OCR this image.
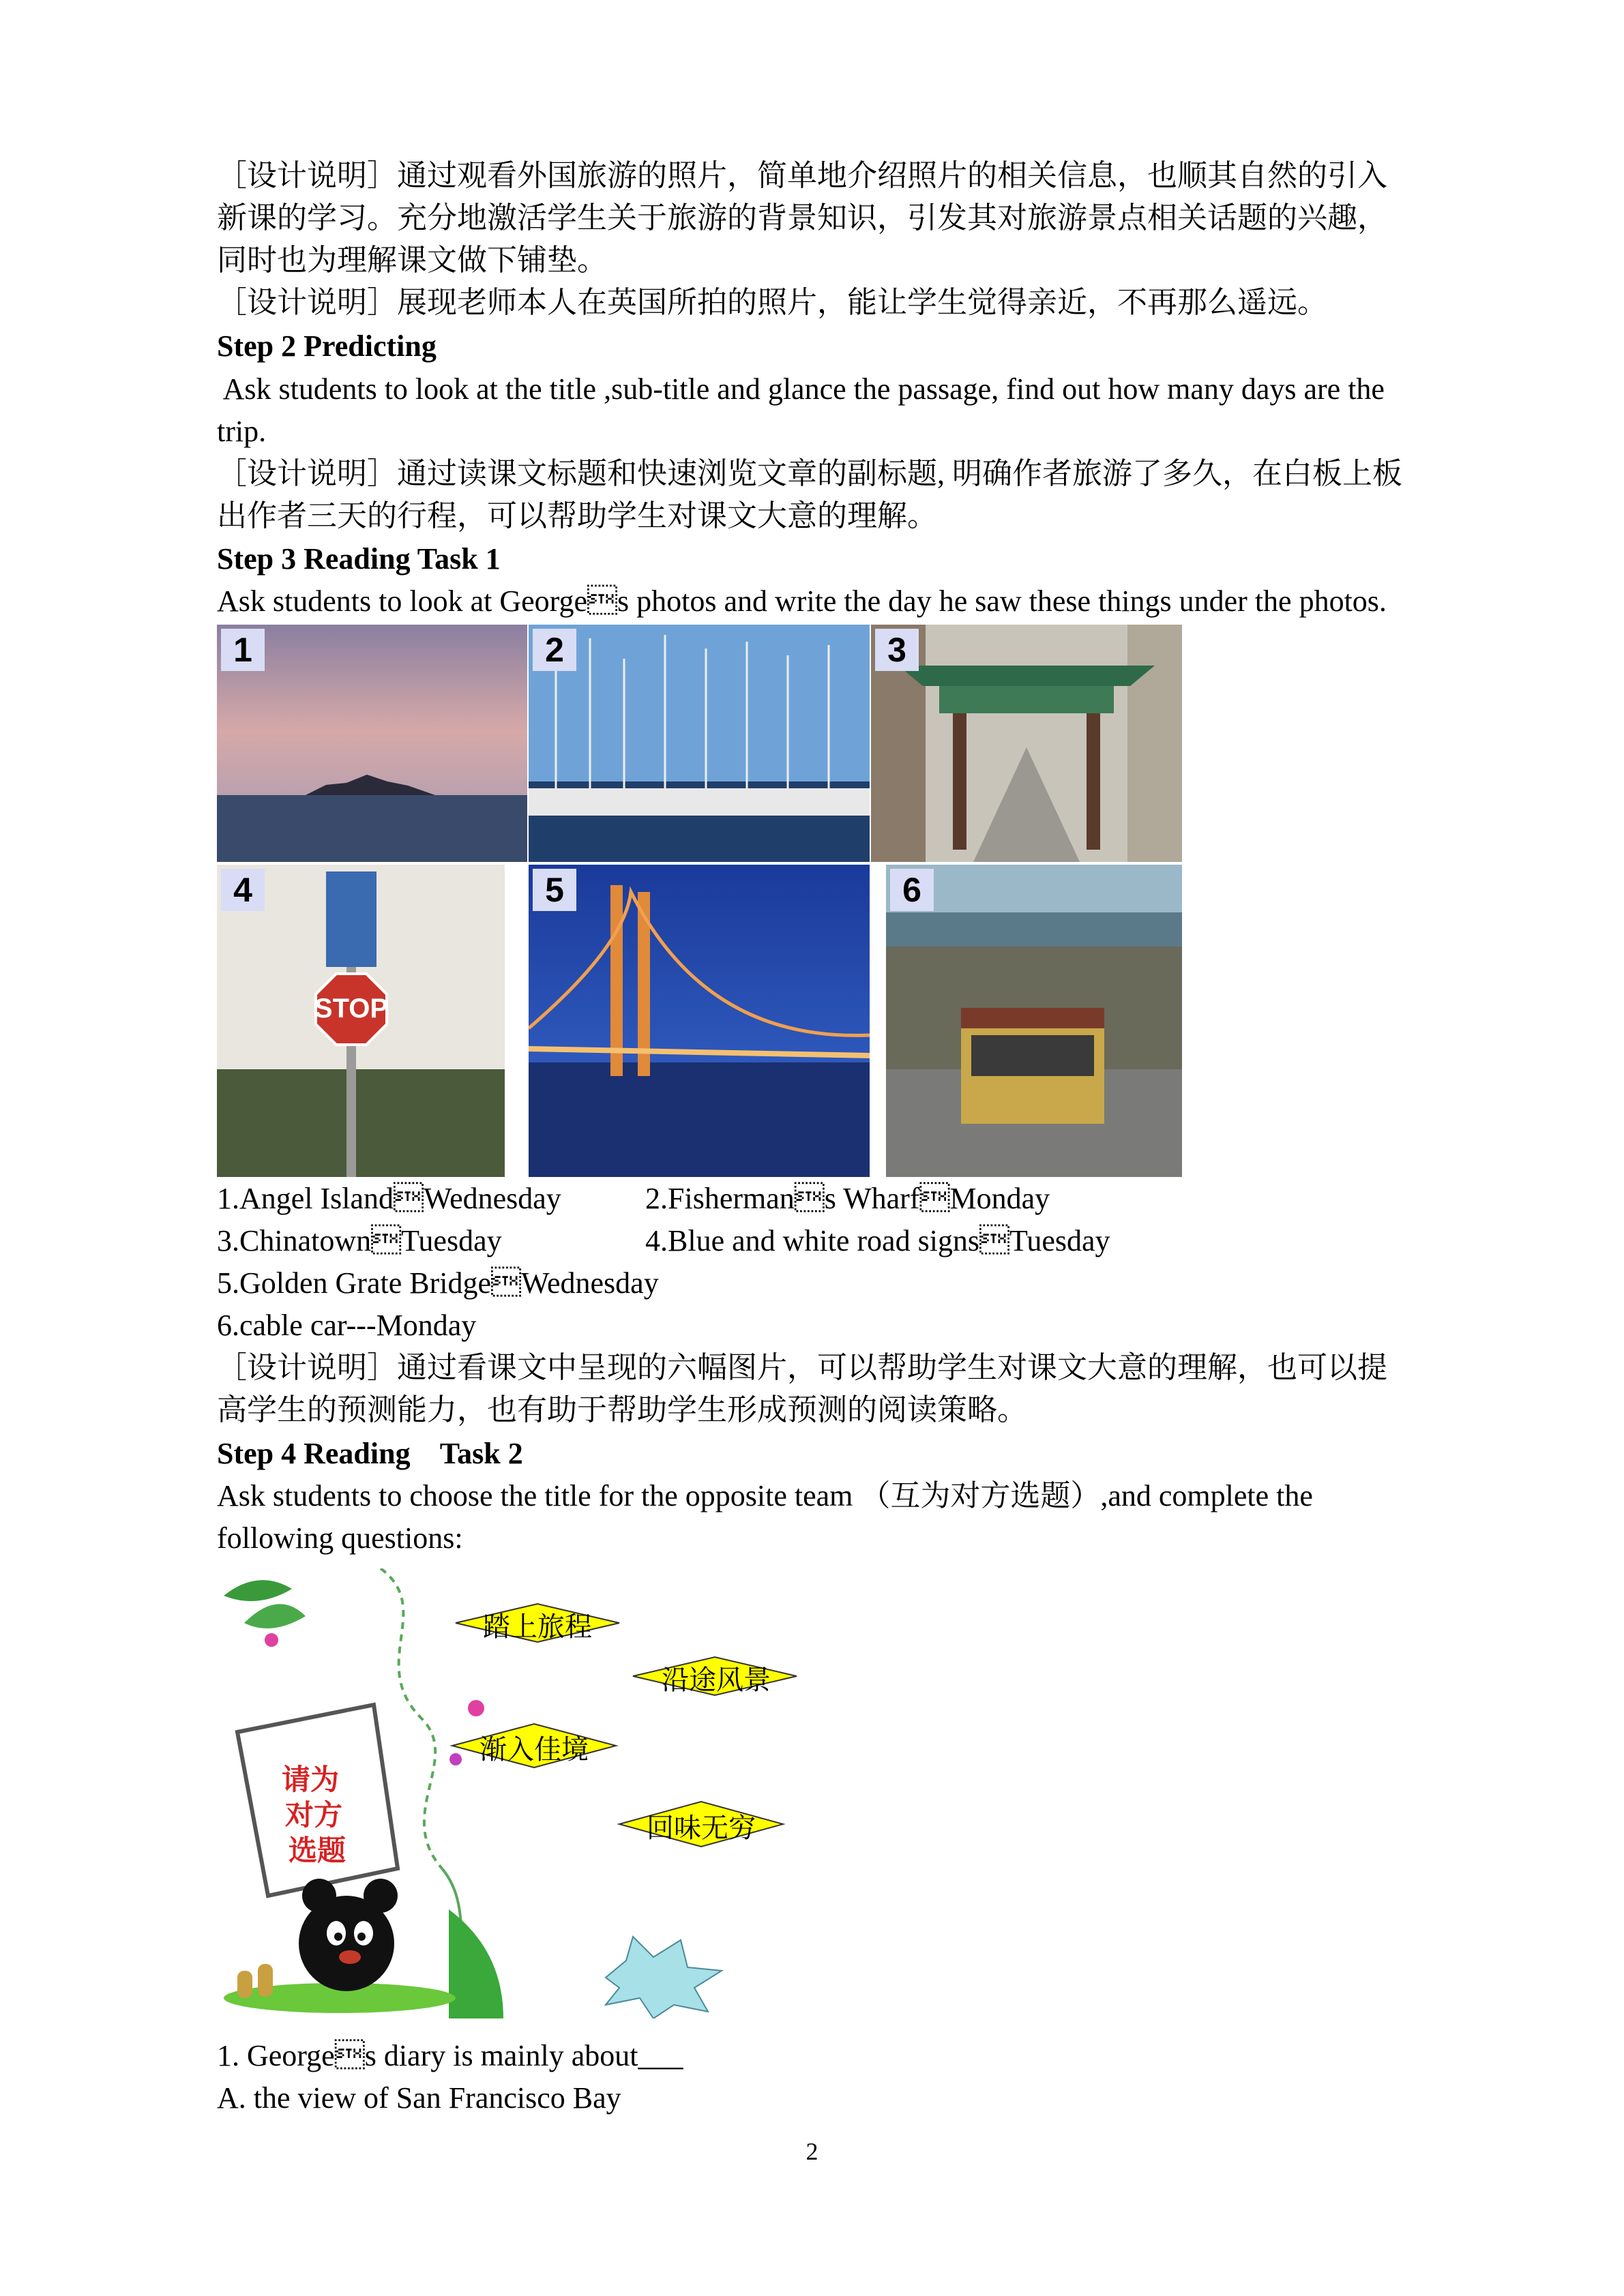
［设计说明］通过观看外国旅游的照片，简单地介绍照片的相关信息，也顺其自然的引入
新课的学习。充分地激活学生关于旅游的背景知识，引发其对旅游景点相关话题的兴趣，
同时也为理解课文做下铺垫。
［设计说明］展现老师本人在英国所拍的照片，能让学生觉得亲近，不再那么遥远。
Step 2 Predicting
Ask students to look at the title ,sub-title and glance the passage, find out how many days are the
trip.
［设计说明］通过读课文标题和快速浏览文章的副标题, 明确作者旅游了多久，在白板上板
出作者三天的行程，可以帮助学生对课文大意的理解。
Step 3 Reading Task 1
Ask students to look at Georges photos and write the day he saw these things under the photos.
1	2	3
STOP
4	5	6
1.Angel IslandWednesday	2.Fishermans WharfMonday
3.ChinatownTuesday	4.Blue and white road signsTuesday
5.Golden Grate BridgeWednesday
6.cable car---Monday
［设计说明］通过看课文中呈现的六幅图片，可以帮助学生对课文大意的理解，也可以提
高学生的预测能力，也有助于帮助学生形成预测的阅读策略。
Step 4 Reading    Task 2
Ask students to choose the title for the opposite team （互为对方选题）,and complete the
following questions:
请为
对方
选题
踏上旅程
沿途风景
渐入佳境
回味无穷
1. Georges diary is mainly about___
A. the view of San Francisco Bay
2
